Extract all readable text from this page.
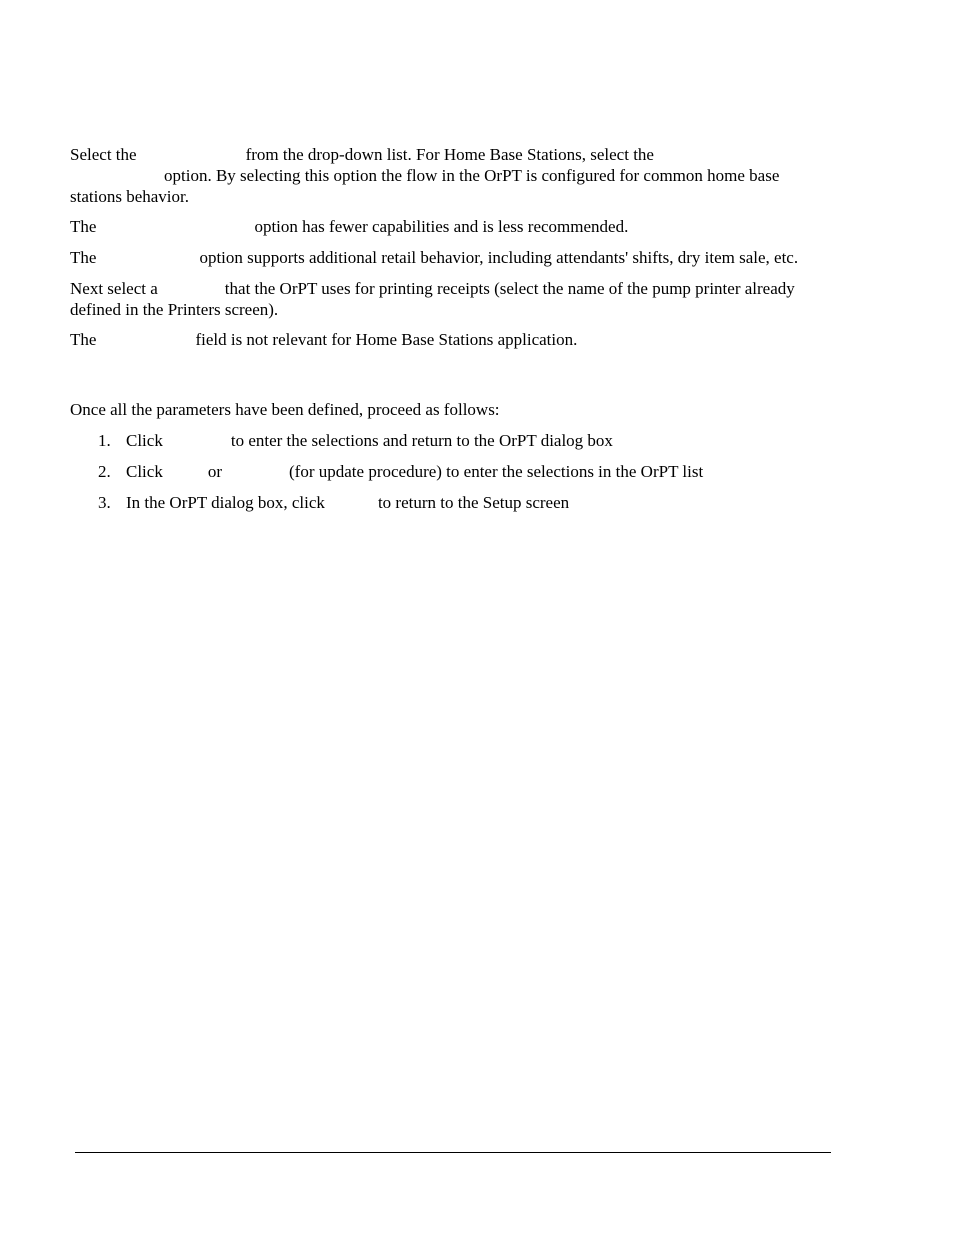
Select the	from the drop-down list. For Home Base Stations, select the
option. By selecting this option the flow in the OrPT is configured for common home base stations behavior.

The	option has fewer capabilities and is less recommended.

The	option supports additional retail behavior, including attendants' shifts, dry item sale, etc.

Next select a	that the OrPT uses for printing receipts (select the name of the pump printer already defined in the Printers screen).

The	field is not relevant for Home Base Stations application.

Once all the parameters have been defined, proceed as follows:

1. Click	to enter the selections and return to the OrPT dialog box
2. Click	or	(for update procedure) to enter the selections in the OrPT list
3. In the OrPT dialog box, click	to return to the Setup screen
